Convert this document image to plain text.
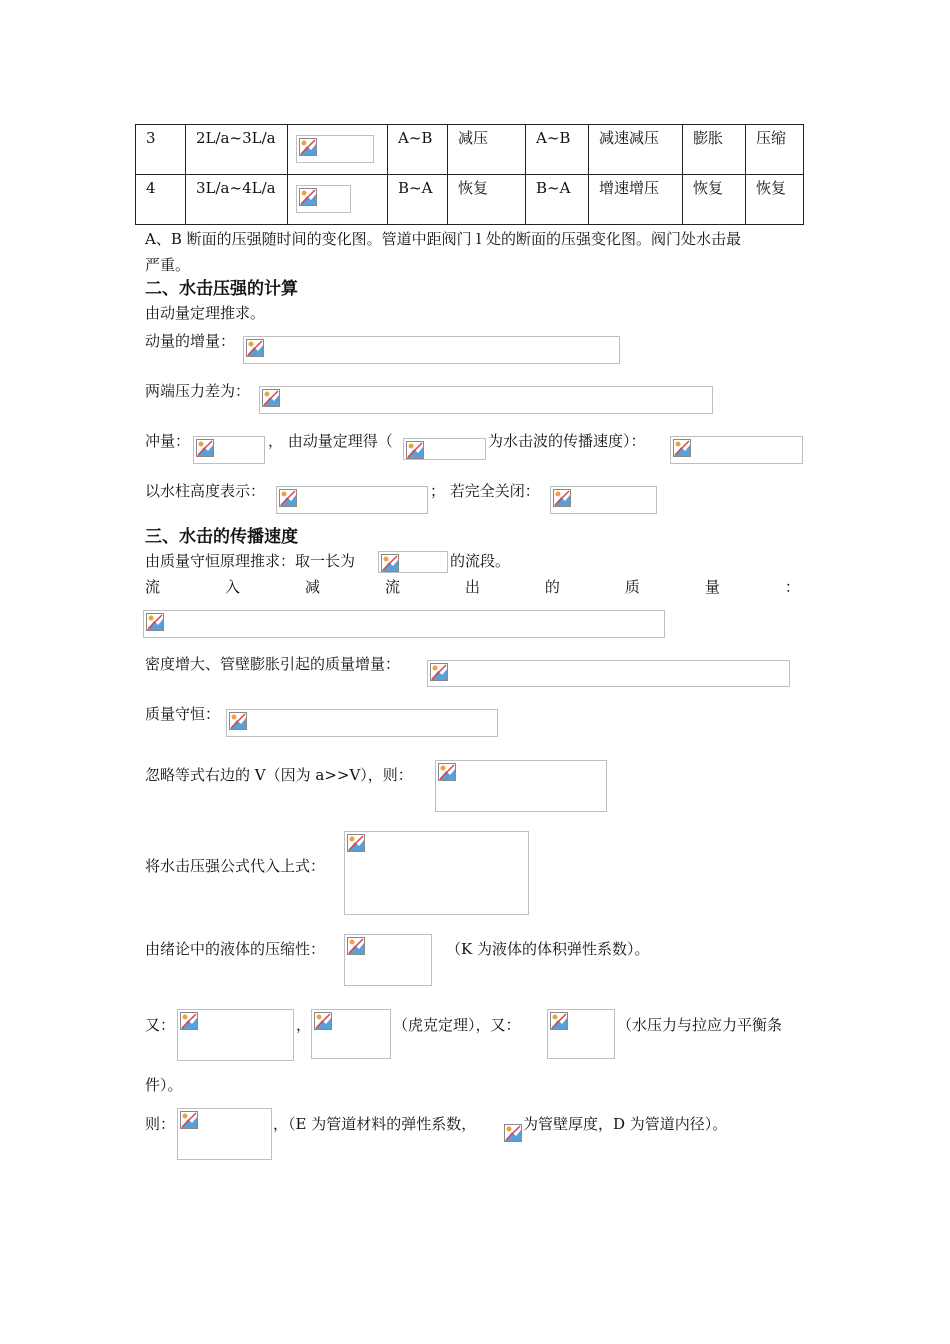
3	2L/a~3L/a		A~B	减压	A~B	减速减压	膨胀	压缩
4	3L/a~4L/a		B~A	恢复	B~A	增速增压	恢复	恢复
A、B 断面的压强随时间的变化图。管道中距阀门 l 处的断面的压强变化图。阀门处水击最
严重。
二、水击压强的计算
由动量定理推求。
动量的增量：
两端压力差为：
冲量：	， 由动量定理得（	为水击波的传播速度）：
以水柱高度表示：	； 若完全关闭：
三、水击的传播速度
由质量守恒原理推求：取一长为	的流段。
流	入	减	流	出	的	质	量	：
密度增大、管壁膨胀引起的质量增量：
质量守恒：
忽略等式右边的 V（因为 a>>V），则：
将水击压强公式代入上式：
由绪论中的液体的压缩性：	（K 为液体的体积弹性系数）。
又：	，	（虎克定理），又：	（水压力与拉应力平衡条
件）。
则：	，（E 为管道材料的弹性系数，	为管壁厚度，D 为管道内径）。
